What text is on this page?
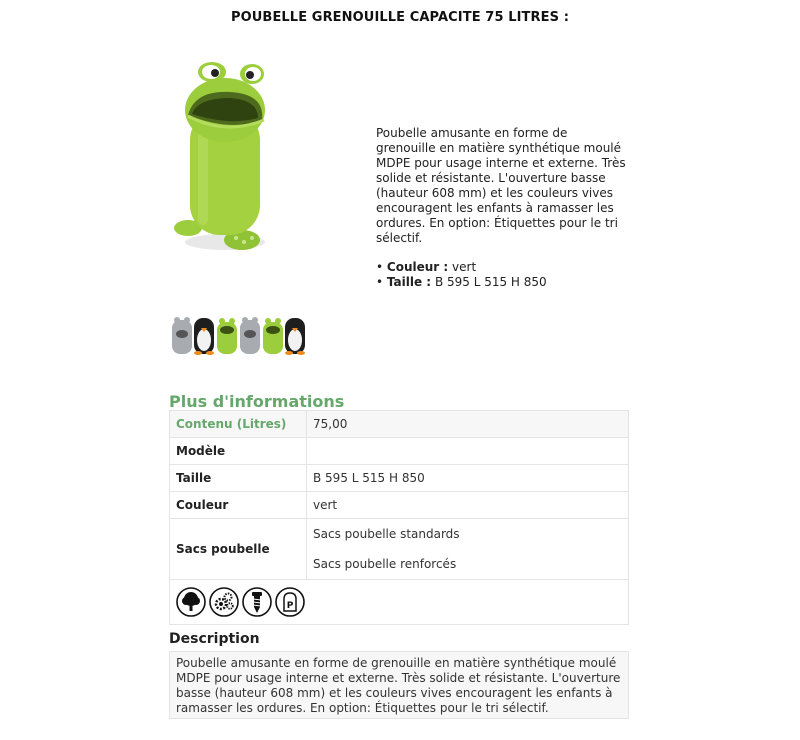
POUBELLE GRENOUILLE CAPACITE 75 LITRES :
Poubelle amusante en forme de grenouille en matière synthétique moulé MDPE pour usage interne et externe. Très solide et résistante. L'ouverture basse (hauteur 608 mm) et les couleurs vives encouragent les enfants à ramasser les ordures. En option: Étiquettes pour le tri sélectif.
• Couleur : vert
• Taille : B 595 L 515 H 850
Plus d'informations
Contenu (Litres)	75,00
Modèle	
Taille	B 595 L 515 H 850
Couleur	vert
Sacs poubelle	Sacs poubelle standards
Sacs poubelle renforcés

P	
Description
Poubelle amusante en forme de grenouille en matière synthétique moulé MDPE pour usage interne et externe. Très solide et résistante. L'ouverture basse (hauteur 608 mm) et les couleurs vives encouragent les enfants à ramasser les ordures. En option: Étiquettes pour le tri sélectif.
